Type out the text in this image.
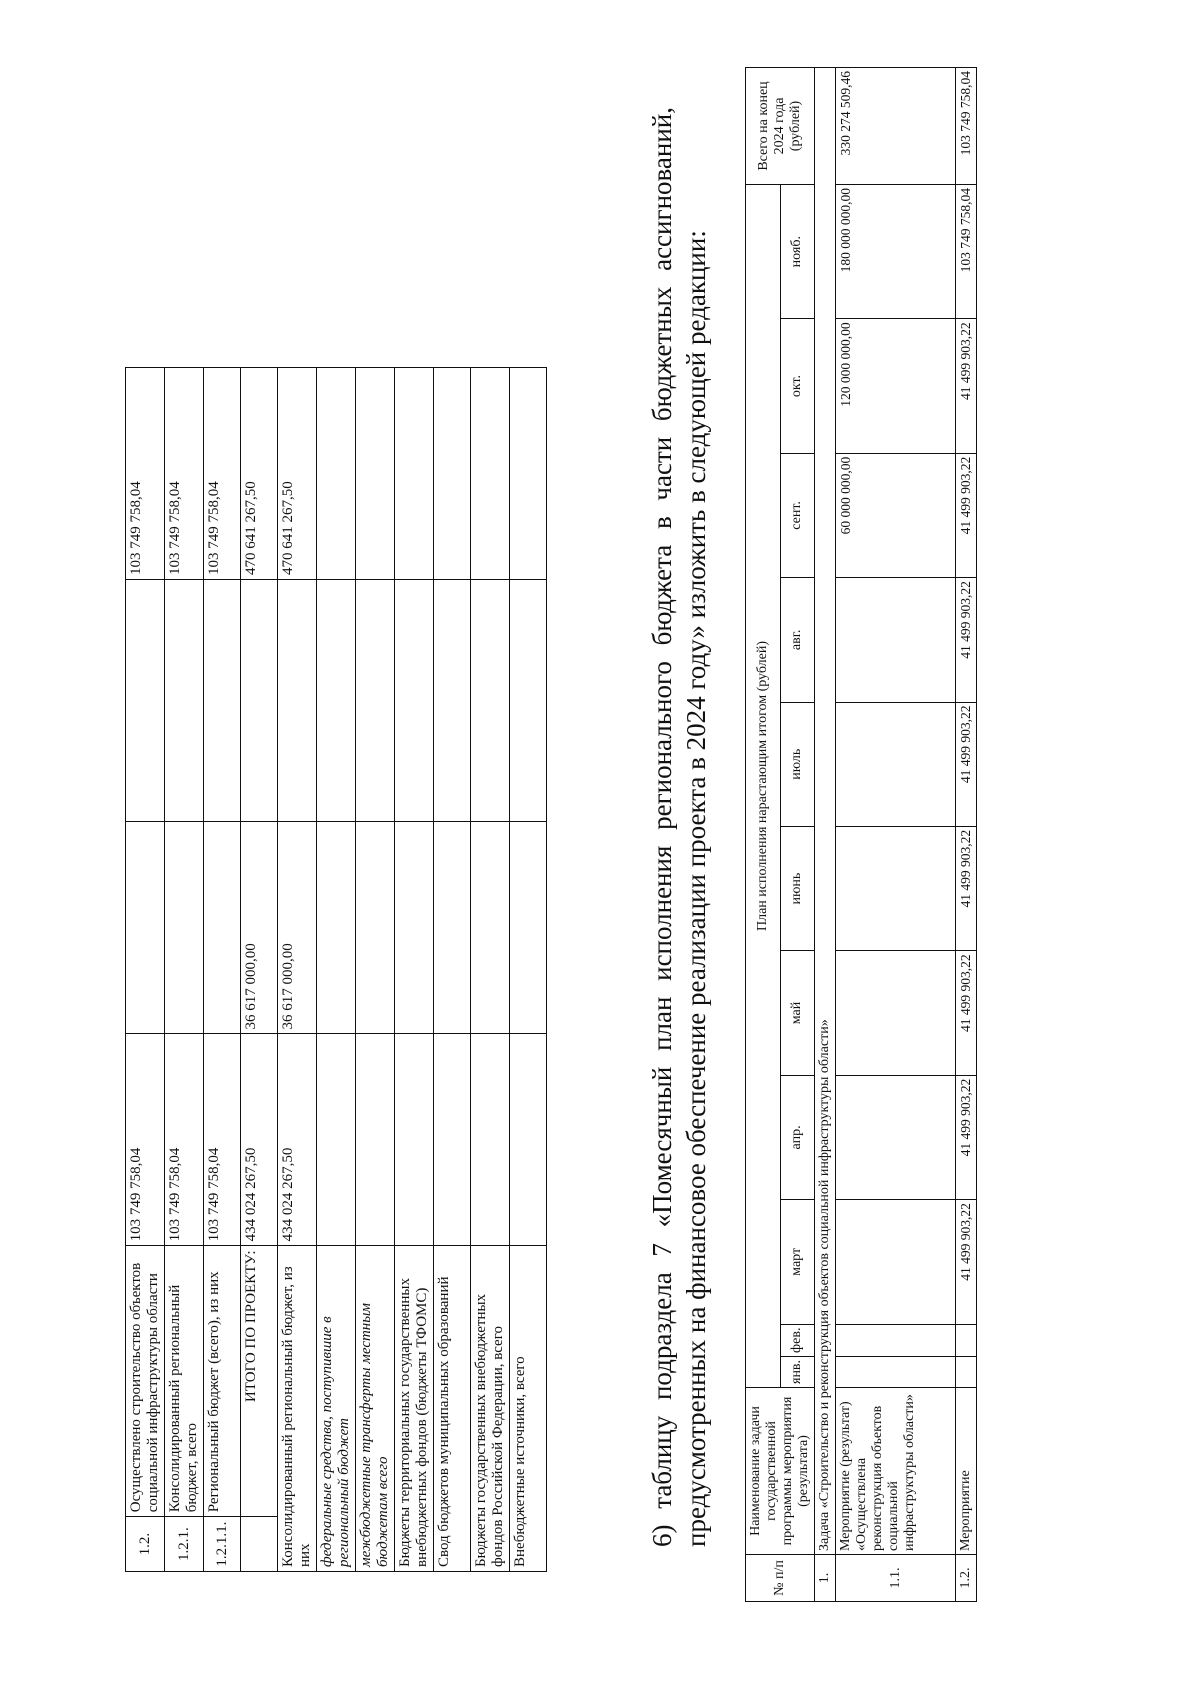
1.2.	Осуществлено строительство объектов социальной инфраструктуры области	103 749 758,04			103 749 758,04
1.2.1.	Консолидированный региональный бюджет, всего	103 749 758,04			103 749 758,04
1.2.1.1.	Региональный бюджет (всего), из них	103 749 758,04			103 749 758,04
	ИТОГО ПО ПРОЕКТУ:	434 024 267,50	36 617 000,00		470 641 267,50
Консолидированный региональный бюджет, из них		434 024 267,50	36 617 000,00		470 641 267,50
федеральные средства, поступившие в региональный бюджет					
межбюджетные трансферты местным бюджетам всего					
Бюджеты территориальных государственных внебюджетных фондов (бюджеты ТФОМС)					
Свод бюджетов муниципальных образований					
Бюджеты государственных внебюджетных фондов Российской Федерации, всего					
Внебюджетные источники, всего						6) таблицу подраздела 7 «Помесячный план исполнения регионального бюджета в части бюджетных ассигнований, предусмотренных на финансовое обеспечение реализации проекта в 2024 году» изложить в следующей редакции:
№ п/п	Наименование задачи государственной программы мероприятия (результата)	План исполнения нарастающим итогом (рублей)											Всего на конец 2024 года (рублей)
		янв.	фев.	март	апр.	май	июнь	июль	авг.	сент.	окт.	нояб.	
1.	Задача «Строительство и реконструкция объектов социальной инфраструктуры области»												
1.1.	Мероприятие (результат) «Осуществлена реконструкция объектов социальной инфраструктуры области»									60 000 000,00	120 000 000,00	180 000 000,00	330 274 509,46
1.2.	Мероприятие			41 499 903,22	41 499 903,22	41 499 903,22	41 499 903,22	41 499 903,22	41 499 903,22	41 499 903,22	41 499 903,22	103 749 758,04	103 749 758,04
